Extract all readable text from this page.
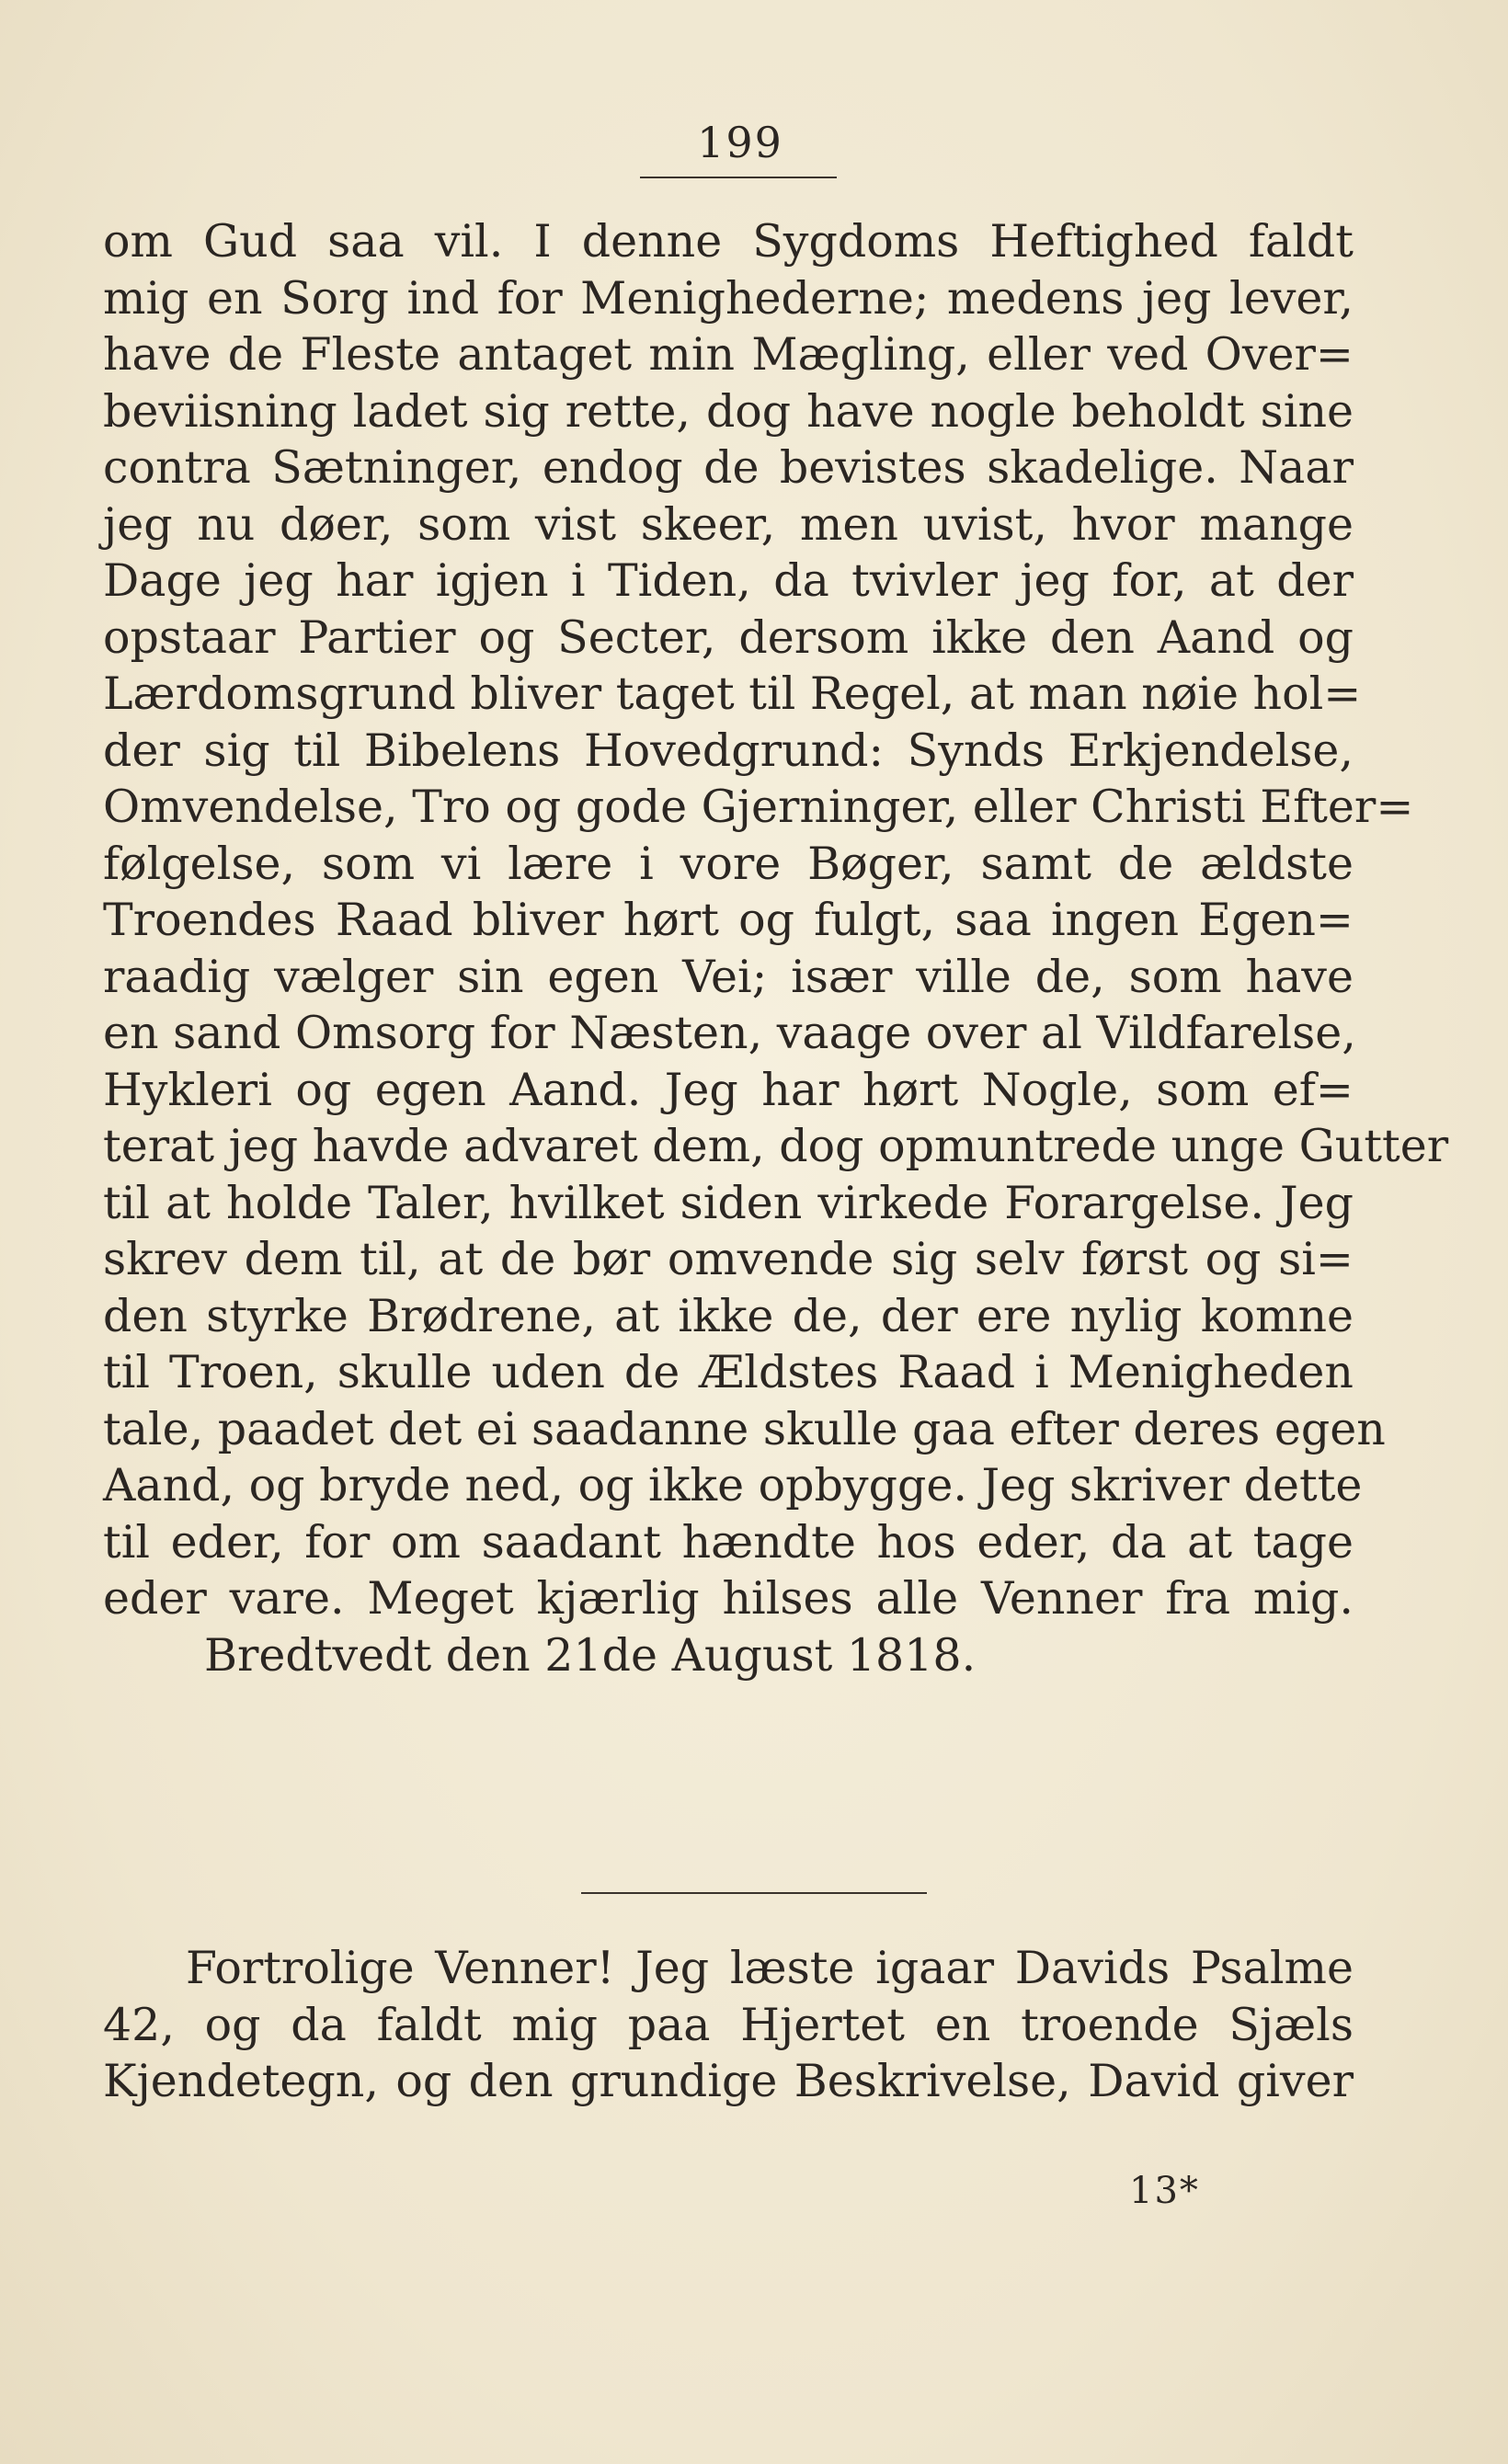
199
om Gud saa vil. I denne Sygdoms Heftighed faldt
mig en Sorg ind for Menighederne; medens jeg lever,
have de Fleste antaget min Mægling, eller ved Over=
beviisning ladet sig rette, dog have nogle beholdt sine
contra Sætninger, endog de bevistes skadelige. Naar
jeg nu døer, som vist skeer, men uvist, hvor mange
Dage jeg har igjen i Tiden, da tvivler jeg for, at der
opstaar Partier og Secter, dersom ikke den Aand og
Lærdomsgrund bliver taget til Regel, at man nøie hol=
der sig til Bibelens Hovedgrund: Synds Erkjendelse,
Omvendelse, Tro og gode Gjerninger, eller Christi Efter=
følgelse, som vi lære i vore Bøger, samt de ældste
Troendes Raad bliver hørt og fulgt, saa ingen Egen=
raadig vælger sin egen Vei; især ville de, som have
en sand Omsorg for Næsten, vaage over al Vildfarelse,
Hykleri og egen Aand. Jeg har hørt Nogle, som ef=
terat jeg havde advaret dem, dog opmuntrede unge Gutter
til at holde Taler, hvilket siden virkede Forargelse. Jeg
skrev dem til, at de bør omvende sig selv først og si=
den styrke Brødrene, at ikke de, der ere nylig komne
til Troen, skulle uden de Ældstes Raad i Menigheden
tale, paadet det ei saadanne skulle gaa efter deres egen
Aand, og bryde ned, og ikke opbygge. Jeg skriver dette
til eder, for om saadant hændte hos eder, da at tage
eder vare. Meget kjærlig hilses alle Venner fra mig.
Bredtvedt den 21de August 1818.
Fortrolige Venner! Jeg læste igaar Davids Psalme
42, og da faldt mig paa Hjertet en troende Sjæls
Kjendetegn, og den grundige Beskrivelse, David giver
13*
